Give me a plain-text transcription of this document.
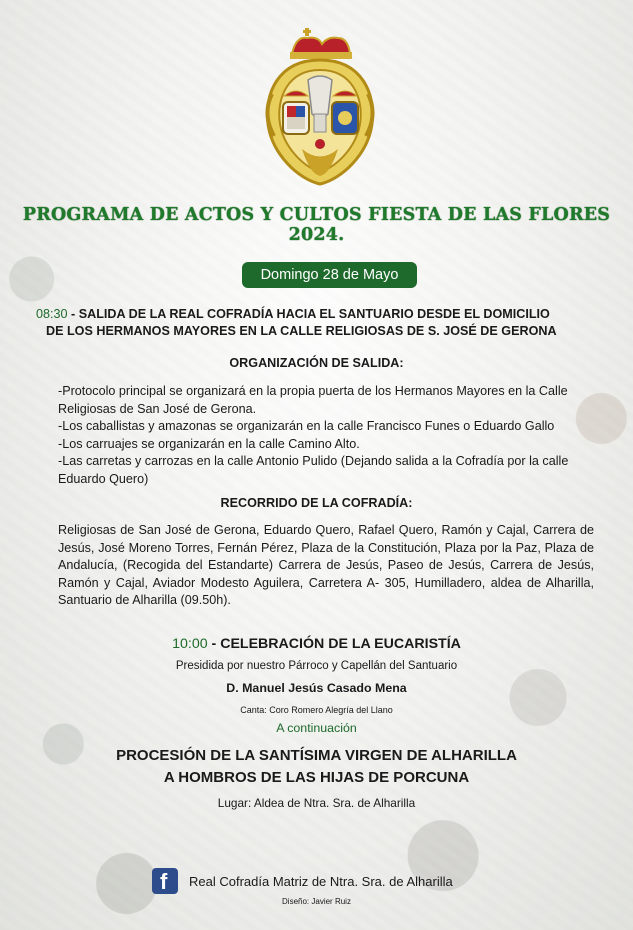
PROGRAMA DE ACTOS Y CULTOS FIESTA DE LAS FLORES 2024.
Domingo 28 de Mayo
08:30 - SALIDA DE LA REAL COFRADÍA HACIA EL SANTUARIO DESDE EL DOMICILIO
DE LOS HERMANOS MAYORES EN LA CALLE RELIGIOSAS DE S. JOSÉ DE GERONA
ORGANIZACIÓN DE SALIDA:

-Protocolo principal se organizará en la propia puerta de los Hermanos Mayores en la Calle Religiosas de San José de Gerona.

-Los caballistas y amazonas se organizarán en la calle Francisco Funes o Eduardo Gallo

-Los carruajes se organizarán en la calle Camino Alto.

-Las carretas y carrozas en la calle Antonio Pulido (Dejando salida a la Cofradía por la calle Eduardo Quero)

RECORRIDO DE LA COFRADÍA:
Religiosas de San José de Gerona, Eduardo Quero, Rafael Quero, Ramón y Cajal, Carrera de Jesús, José Moreno Torres, Fernán Pérez, Plaza de la Constitución, Plaza por la Paz, Plaza de Andalucía, (Recogida del Estandarte) Carrera de Jesús, Paseo de Jesús, Carrera de Jesús, Ramón y Cajal, Aviador Modesto Aguilera, Carretera A- 305, Humilladero, aldea de Alharilla, Santuario de Alharilla (09.50h).
10:00 - CELEBRACIÓN DE LA EUCARISTÍA
Presidida por nuestro Párroco y Capellán del Santuario
D. Manuel Jesús Casado Mena
Canta: Coro Romero Alegría del Llano
A continuación
PROCESIÓN DE LA SANTÍSIMA VIRGEN DE ALHARILLA
A HOMBROS DE LAS HIJAS DE PORCUNA
Lugar: Aldea de Ntra. Sra. de Alharilla
f Real Cofradía Matriz de Ntra. Sra. de Alharilla
Diseño: Javier Ruiz
